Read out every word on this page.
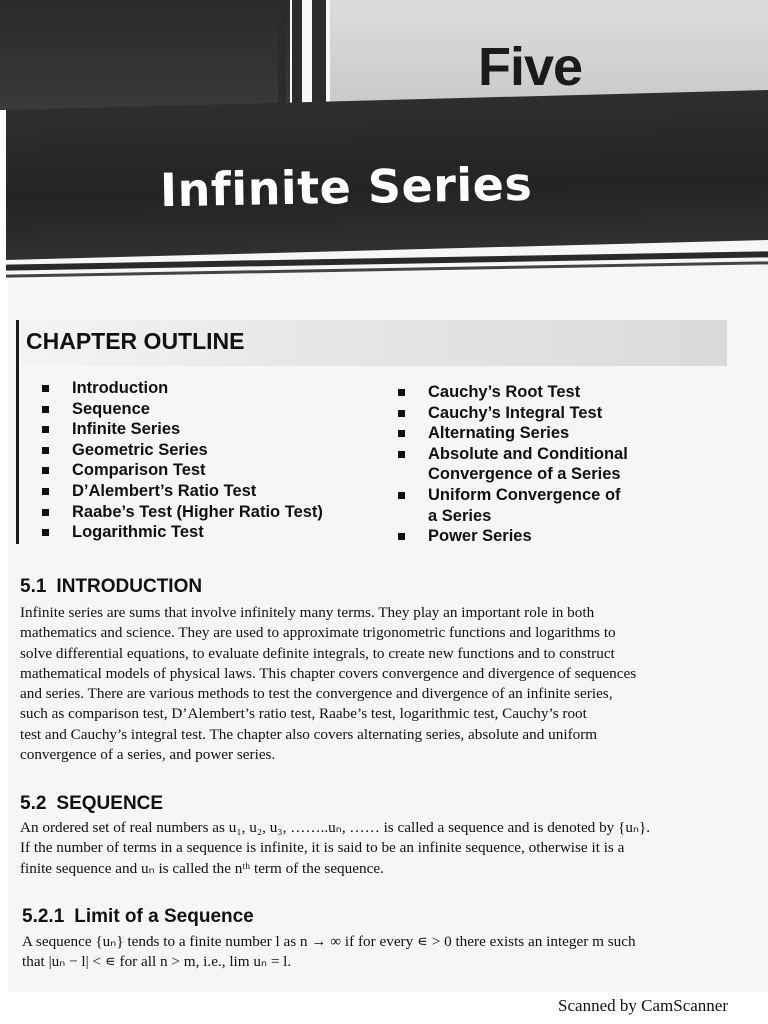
Five
Infinite Series
CHAPTER OUTLINE
Introduction
Sequence
Infinite Series
Geometric Series
Comparison Test
D’Alembert’s Ratio Test
Raabe’s Test (Higher Ratio Test)
Logarithmic Test
Cauchy’s Root Test
Cauchy’s Integral Test
Alternating Series
Absolute and Conditional
Convergence of a Series
Uniform Convergence of
a Series
Power Series
5.1 INTRODUCTION
Infinite series are sums that involve infinitely many terms. They play an important role in both
mathematics and science. They are used to approximate trigonometric functions and logarithms to
solve differential equations, to evaluate definite integrals, to create new functions and to construct
mathematical models of physical laws. This chapter covers convergence and divergence of sequences
and series. There are various methods to test the convergence and divergence of an infinite series,
such as comparison test, D’Alembert’s ratio test, Raabe’s test, logarithmic test, Cauchy’s root
test and Cauchy’s integral test. The chapter also covers alternating series, absolute and uniform
convergence of a series, and power series.
5.2 SEQUENCE
An ordered set of real numbers as u₁, u₂, u₃, ……..uₙ, …… is called a sequence and is denoted by {uₙ}.
If the number of terms in a sequence is infinite, it is said to be an infinite sequence, otherwise it is a
finite sequence and uₙ is called the nᵗʰ term of the sequence.
5.2.1 Limit of a Sequence
A sequence {uₙ} tends to a finite number l as n → ∞ if for every ∊ > 0 there exists an integer m such
that |uₙ − l| < ∊ for all n > m, i.e., lim uₙ = l.
Scanned by CamScanner
